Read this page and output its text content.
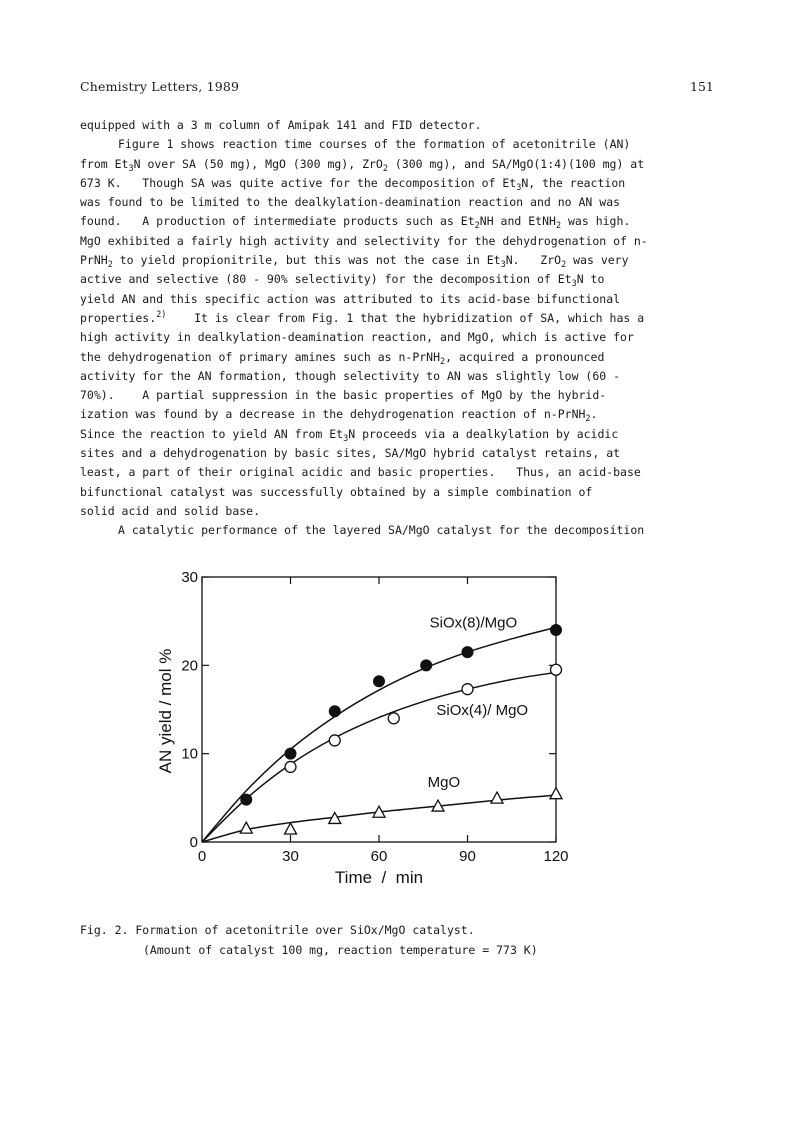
Chemistry Letters, 1989	151

equipped with a 3 m column of Amipak 141 and FID detector.

Figure 1 shows reaction time courses of the formation of acetonitrile (AN)

from $Et_3N$ over SA (50 mg), MgO (300 mg), ZrO$_2$ (300 mg), and SA/MgO(1:4)(100 mg) at

673 K.   Though SA was quite active for the decomposition of $Et_3N$, the reaction

was found to be limited to the dealkylation-deamination reaction and no AN was

found.   A production of intermediate products such as $Et_2NH$ and EtNH$_2$ was high.

MgO exhibited a fairly high activity and selectivity for the dehydrogenation of n-

PrNH$_2$ to yield propionitrile, but this was not the case in $Et_3N$.   ZrO$_2$ was very

active and selective (80 - 90% selectivity) for the decomposition of $Et_3N$ to

yield AN and this specific action was attributed to its acid-base bifunctional

properties.$^{2)}$    It is clear from Fig. 1 that the hybridization of SA, which has a

high activity in dealkylation-deamination reaction, and MgO, which is active for

the dehydrogenation of primary amines such as n-PrNH$_2$, acquired a pronounced

activity for the AN formation, though selectivity to AN was slightly low (60 -

70%).    A partial suppression in the basic properties of MgO by the hybrid-

ization was found by a decrease in the dehydrogenation reaction of n-PrNH$_2$.

Since the reaction to yield AN from $Et_3N$ proceeds via a dealkylation by acidic

sites and a dehydrogenation by basic sites, SA/MgO hybrid catalyst retains, at

least, a part of their original acidic and basic properties.   Thus, an acid-base

bifunctional catalyst was successfully obtained by a simple combination of

solid acid and solid base.

A catalytic performance of the layered SA/MgO catalyst for the decomposition

0	30	60	90	120
0
10
20
30
SiOx(8)/MgO
SiOx(4)/ MgO
MgO
Time  /  min
AN yield / mol %
Fig. 2. Formation of acetonitrile over SiOx/MgO catalyst.
(Amount of catalyst 100 mg, reaction temperature = 773 K)
